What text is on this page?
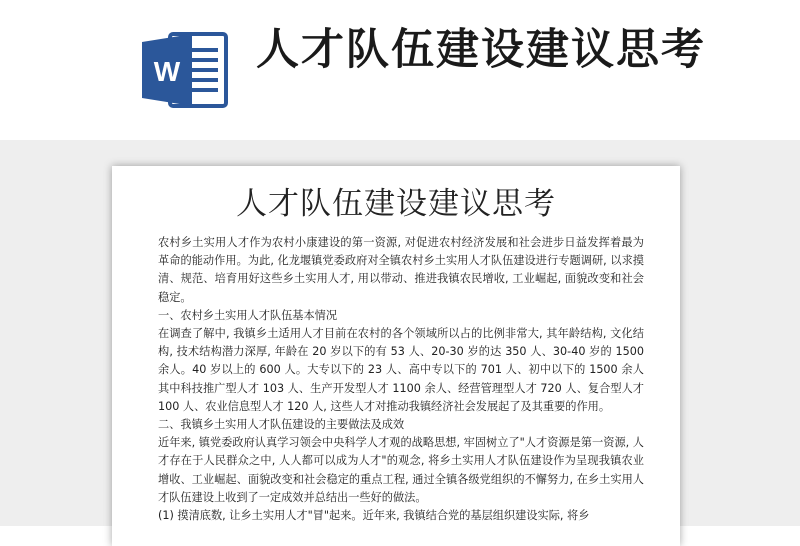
W 人才队伍建设建议思考
人才队伍建设建议思考

农村乡土实用人才作为农村小康建设的第一资源, 对促进农村经济发展和社会进步日益发挥着最为革命的能动作用。为此, 化龙堰镇党委政府对全镇农村乡土实用人才队伍建设进行专题调研, 以求摸清、规范、培育用好这些乡土实用人才, 用以带动、推进我镇农民增收, 工业崛起, 面貌改变和社会稳定。

一、农村乡土实用人才队伍基本情况

在调查了解中, 我镇乡土适用人才目前在农村的各个领域所以占的比例非常大, 其年龄结构, 文化结构, 技术结构潜力深厚, 年龄在 20 岁以下的有 53 人、20-30 岁的达 350 人、30-40 岁的 1500 余人。40 岁以上的 600 人。大专以下的 23 人、高中专以下的 701 人、初中以下的 1500 余人其中科技推广型人才 103 人、生产开发型人才 1100 余人、经营管理型人才 720 人、复合型人才 100 人、农业信息型人才 120 人, 这些人才对推动我镇经济社会发展起了及其重要的作用。

二、我镇乡土实用人才队伍建设的主要做法及成效

近年来, 镇党委政府认真学习领会中央科学人才观的战略思想, 牢固树立了"人才资源是第一资源, 人才存在于人民群众之中, 人人都可以成为人才"的观念, 将乡土实用人才队伍建设作为呈现我镇农业增收、工业崛起、面貌改变和社会稳定的重点工程, 通过全镇各级党组织的不懈努力, 在乡土实用人才队伍建设上收到了一定成效并总结出一些好的做法。

(1) 摸清底数, 让乡土实用人才"冒"起来。近年来, 我镇结合党的基层组织建设实际, 将乡
